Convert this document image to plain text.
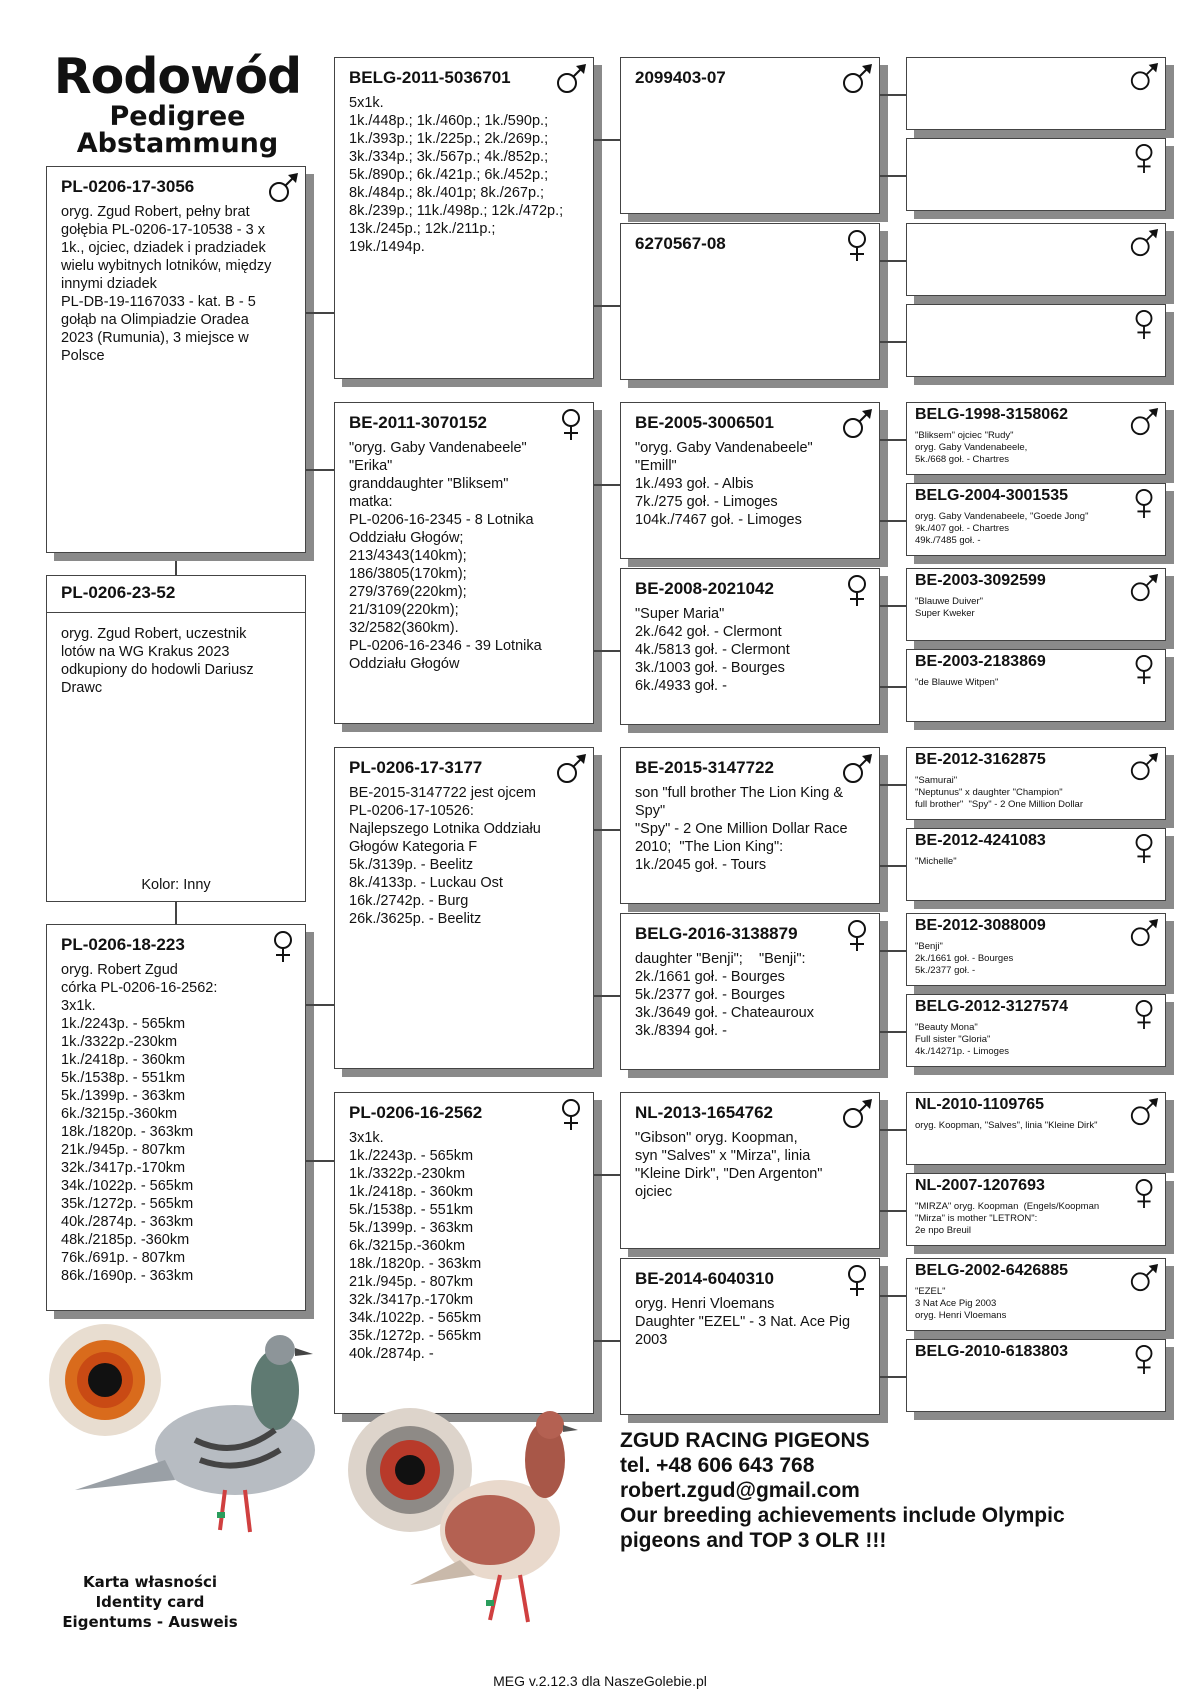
Rodowód
Pedigree
Abstammung
PL-0206-17-3056
oryg. Zgud Robert, pełny brat
gołębia PL-0206-17-10538 - 3 x
1k., ojciec, dziadek i pradziadek
wielu wybitnych lotników, między
innymi dziadek
PL-DB-19-1167033 - kat. B - 5
gołąb na Olimpiadzie Oradea
2023 (Rumunia), 3 miejsce w
Polsce
PL-0206-23-52
oryg. Zgud Robert, uczestnik
lotów na WG Krakus 2023
odkupiony do hodowli Dariusz
Drawc
Kolor: Inny
PL-0206-18-223
oryg. Robert Zgud
córka PL-0206-16-2562:
3x1k.
1k./2243p. - 565km
1k./3322p.-230km
1k./2418p. - 360km
5k./1538p. - 551km
5k./1399p. - 363km
6k./3215p.-360km
18k./1820p. - 363km
21k./945p. - 807km
32k./3417p.-170km
34k./1022p. - 565km
35k./1272p. - 565km
40k./2874p. - 363km
48k./2185p. -360km
76k./691p. - 807km
86k./1690p. - 363km
BELG-2011-5036701
5x1k.
1k./448p.; 1k./460p.; 1k./590p.;
1k./393p.; 1k./225p.; 2k./269p.;
3k./334p.; 3k./567p.; 4k./852p.;
5k./890p.; 6k./421p.; 6k./452p.;
8k./484p.; 8k./401p; 8k./267p.;
8k./239p.; 11k./498p.; 12k./472p.;
13k./245p.; 12k./211p.;
19k./1494p.
BE-2011-3070152
"oryg. Gaby Vandenabeele"
"Erika"
granddaughter "Bliksem"
matka:
PL-0206-16-2345 - 8 Lotnika
Oddziału Głogów;
213/4343(140km);
186/3805(170km);
279/3769(220km);
21/3109(220km);
32/2582(360km).
PL-0206-16-2346 - 39 Lotnika
Oddziału Głogów
PL-0206-17-3177
BE-2015-3147722 jest ojcem
PL-0206-17-10526:
Najlepszego Lotnika Oddziału
Głogów Kategoria F
5k./3139p. - Beelitz
8k./4133p. - Luckau Ost
16k./2742p. - Burg
26k./3625p. - Beelitz
PL-0206-16-2562
3x1k.
1k./2243p. - 565km
1k./3322p.-230km
1k./2418p. - 360km
5k./1538p. - 551km
5k./1399p. - 363km
6k./3215p.-360km
18k./1820p. - 363km
21k./945p. - 807km
32k./3417p.-170km
34k./1022p. - 565km
35k./1272p. - 565km
40k./2874p. -
2099403-07
6270567-08
BE-2005-3006501
"oryg. Gaby Vandenabeele"
"Emill"
1k./493 goł. - Albis
7k./275 goł. - Limoges
104k./7467 goł. - Limoges
BE-2008-2021042
"Super Maria"
2k./642 goł. - Clermont
4k./5813 goł. - Clermont
3k./1003 goł. - Bourges
6k./4933 goł. -
BE-2015-3147722
son "full brother The Lion King &
Spy"
"Spy" - 2 One Million Dollar Race
2010;  "The Lion King":
1k./2045 goł. - Tours
BELG-2016-3138879
daughter "Benji";    "Benji":
2k./1661 goł. - Bourges
5k./2377 goł. - Bourges
3k./3649 goł. - Chateauroux
3k./8394 goł. -
NL-2013-1654762
"Gibson" oryg. Koopman,
syn "Salves" x "Mirza", linia
"Kleine Dirk", "Den Argenton"
ojciec
BE-2014-6040310
oryg. Henri Vloemans
Daughter "EZEL" - 3 Nat. Ace Pig
2003
BELG-1998-3158062
"Bliksem" ojciec "Rudy"
oryg. Gaby Vandenabeele,
5k./668 goł. - Chartres
BELG-2004-3001535
oryg. Gaby Vandenabeele, "Goede Jong"
9k./407 goł. - Chartres
49k./7485 goł. -
BE-2003-3092599
"Blauwe Duiver"
Super Kweker
BE-2003-2183869
"de Blauwe Witpen"
BE-2012-3162875
"Samurai"
"Neptunus" x daughter "Champion"
full brother"  "Spy" - 2 One Million Dollar
BE-2012-4241083
"Michelle"
BE-2012-3088009
"Benji"
2k./1661 goł. - Bourges
5k./2377 goł. -
BELG-2012-3127574
"Beauty Mona"
Full sister "Gloria"
4k./14271p. - Limoges
NL-2010-1109765
oryg. Koopman, "Salves", linia "Kleine Dirk"
NL-2007-1207693
"MIRZA" oryg. Koopman  (Engels/Koopman
"Mirza" is mother "LETRON":
2e npo Breuil
BELG-2002-6426885
"EZEL"
3 Nat Ace Pig 2003
oryg. Henri Vloemans
BELG-2010-6183803
ZGUD RACING PIGEONS
tel. +48 606 643 768
robert.zgud@gmail.com
Our breeding achievements include Olympic
pigeons and TOP 3 OLR !!!
Karta własności
Identity card
Eigentums - Ausweis
MEG v.2.12.3 dla NaszeGolebie.pl
